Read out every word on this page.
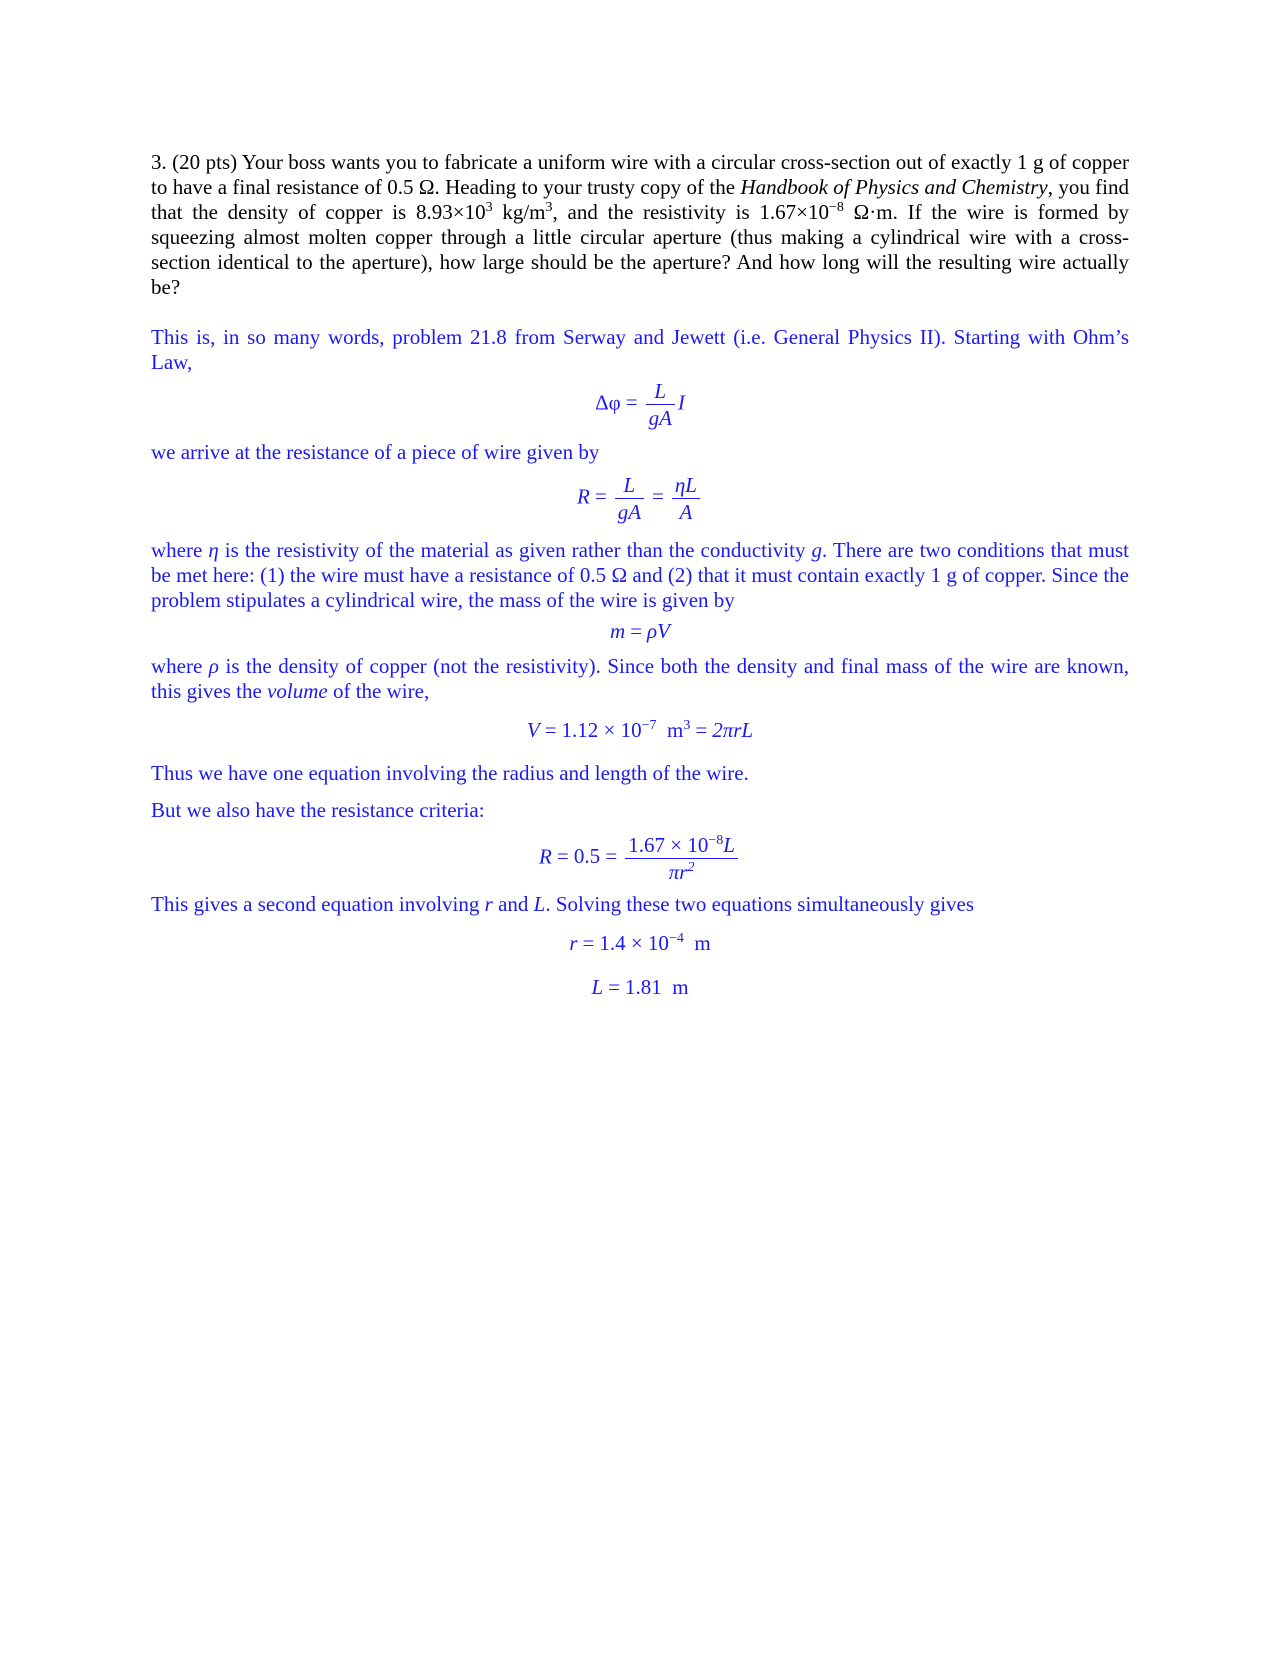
3. (20 pts) Your boss wants you to fabricate a uniform wire with a circular cross-section out of exactly 1 g of copper to have a final resistance of 0.5 Ω. Heading to your trusty copy of the Handbook of Physics and Chemistry, you find that the density of copper is $8.93\times 10^3$ $kg/m^3$, and the resistivity is $1.67\times 10^{-8}$ Ω·m. If the wire is formed by squeezing almost molten copper through a little circular aperture (thus making a cylindrical wire with a cross-section identical to the aperture), how large should be the aperture? And how long will the resulting wire actually be?

This is, in so many words, problem 21.8 from Serway and Jewett (i.e. General Physics II). Starting with Ohm’s Law,

$\Delta\varphi = \frac{L}{gA}$ I

we arrive at the resistance of a piece of wire given by

$R = \frac{L}{gA} = \frac{\eta L}{A}$

where η is the resistivity of the material as given rather than the conductivity g. There are two conditions that must be met here: (1) the wire must have a resistance of 0.5 Ω and (2) that it must contain exactly 1 g of copper. Since the problem stipulates a cylindrical wire, the mass of the wire is given by

m = ρV

where ρ is the density of copper (not the resistivity). Since both the density and final mass of the wire are known, this gives the volume of the wire,

$V = 1.12 \times 10^{-7}$ $m^3 = 2\pi rL$

Thus we have one equation involving the radius and length of the wire.

But we also have the resistance criteria:

$R = 0.5 = \frac{1.67 \times 10^{-8}L}{\pi r^2}$

This gives a second equation involving r and L. Solving these two equations simultaneously gives

$r = 1.4 \times 10^{-4}$ m
L = 1.81 m
